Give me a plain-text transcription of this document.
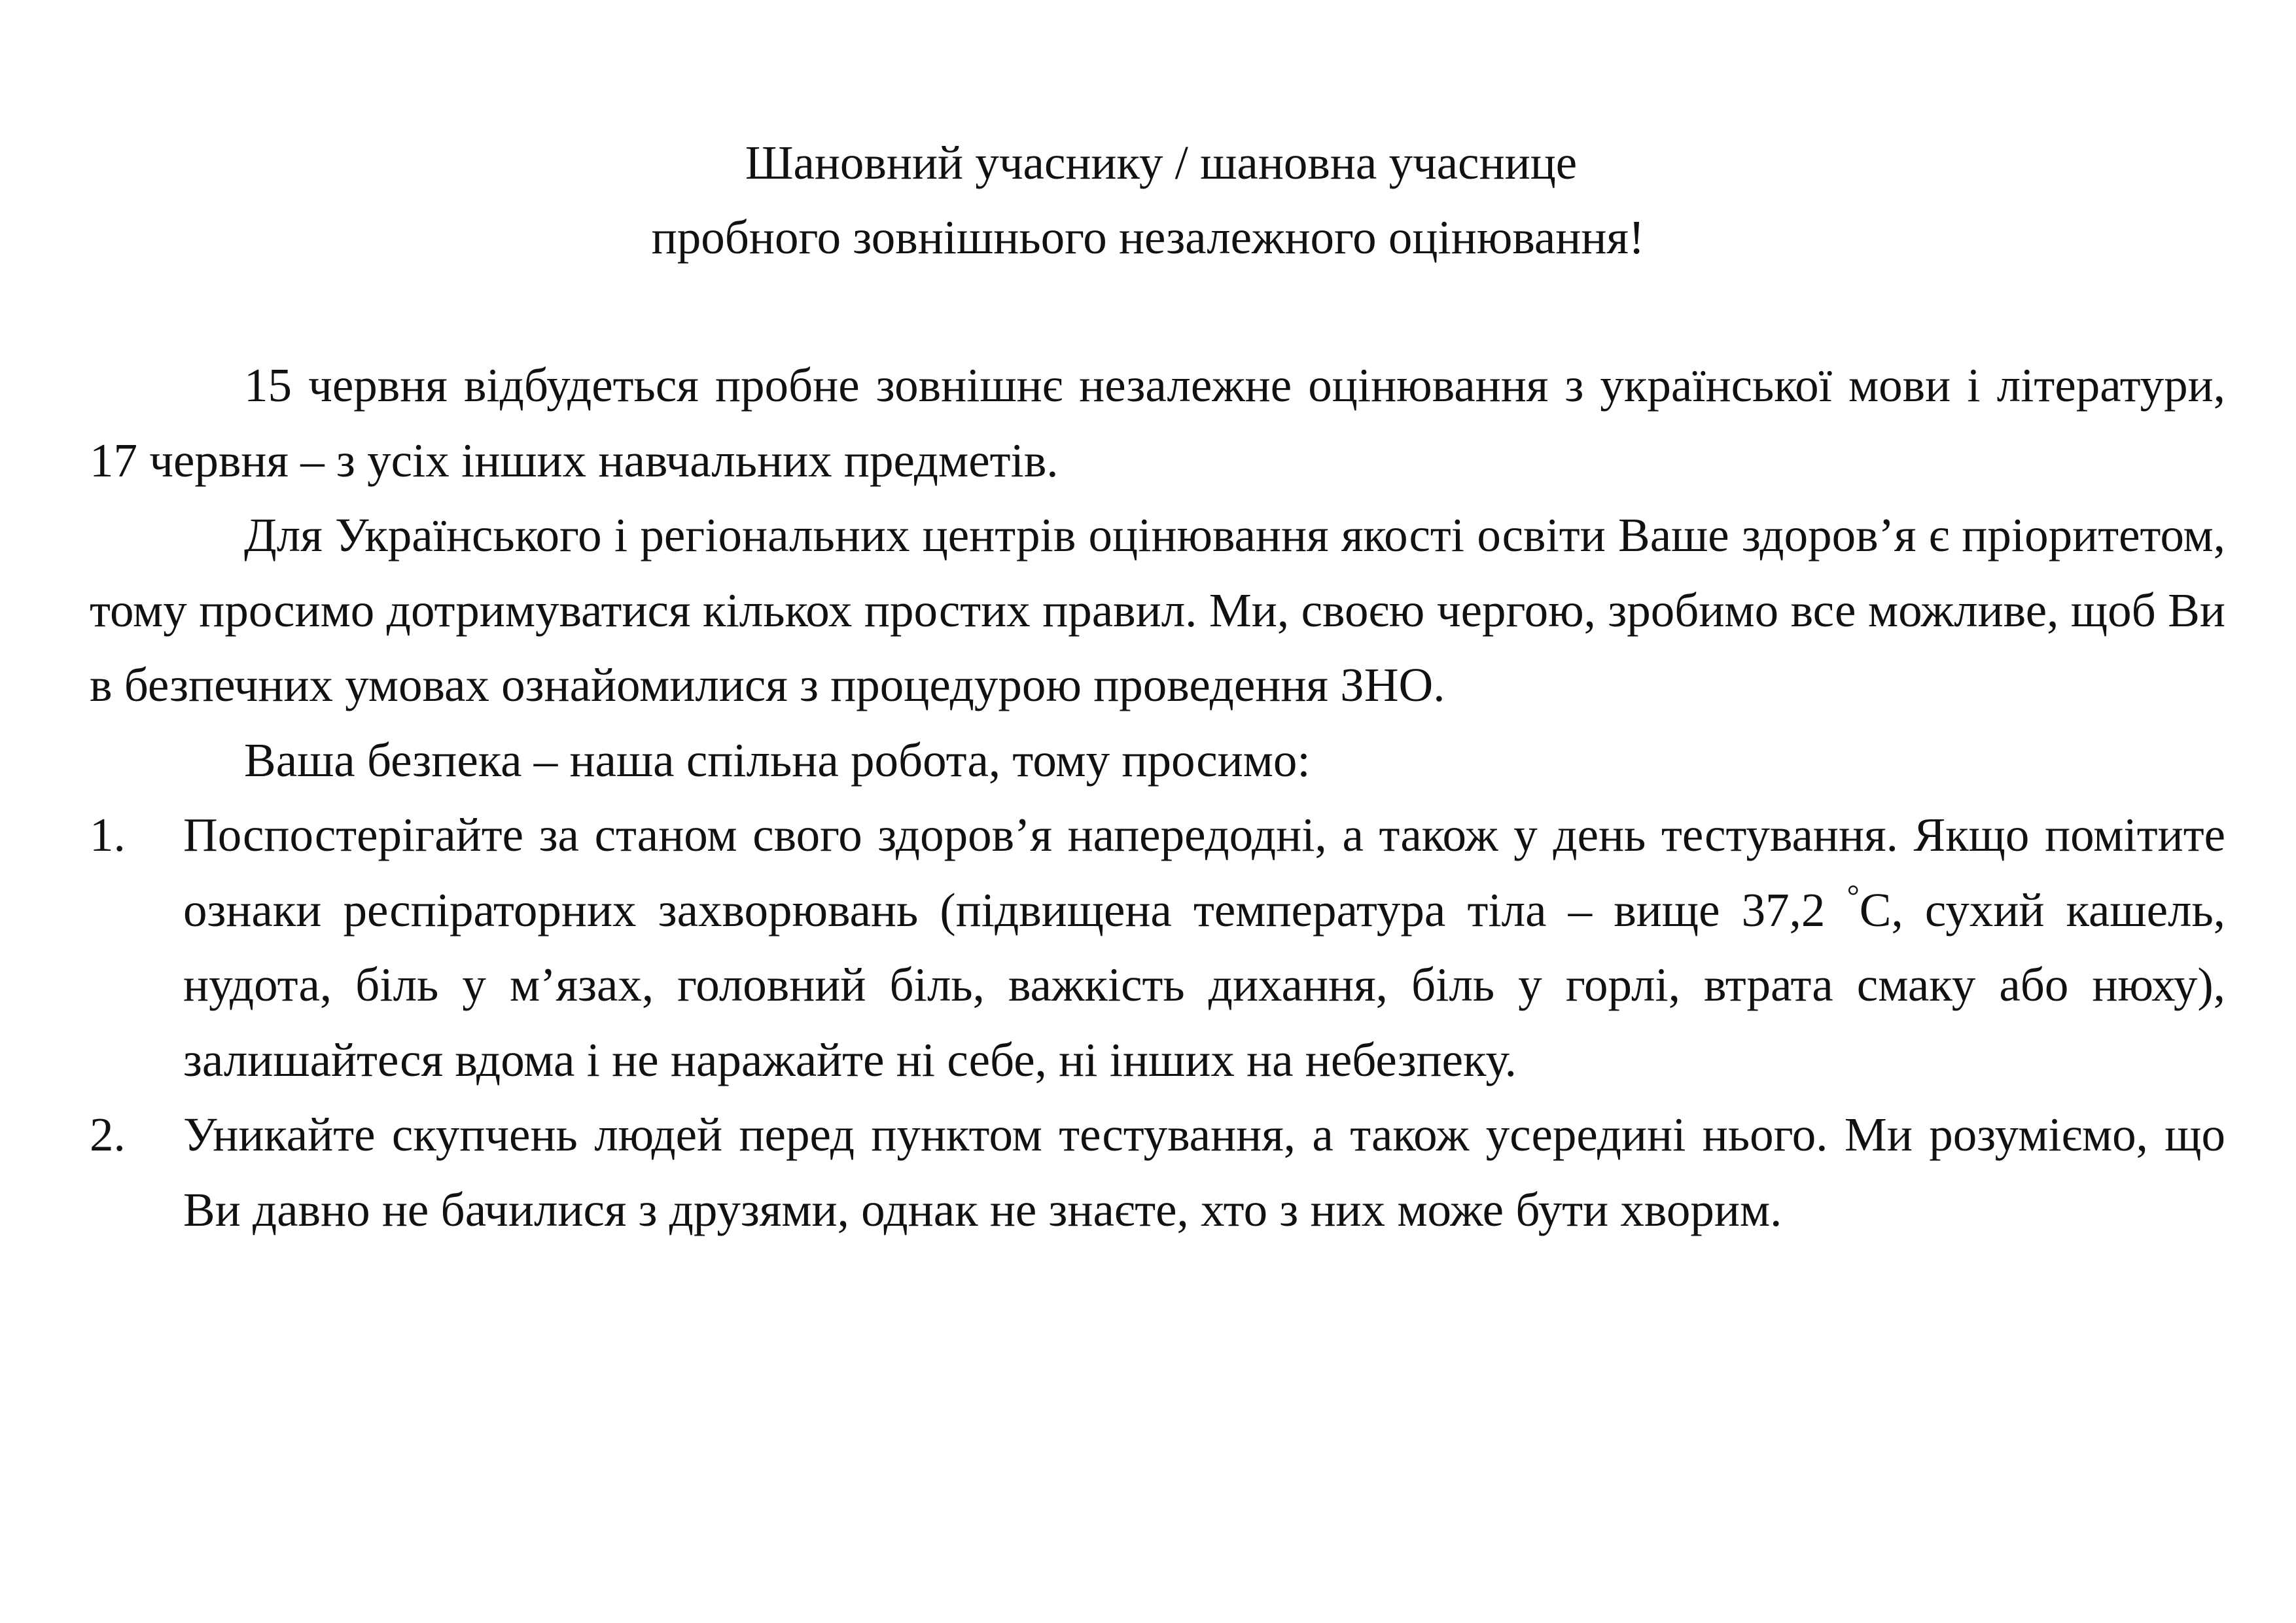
Шановний учаснику / шановна учаснице
пробного зовнішнього незалежного оцінювання!

15 червня відбудеться пробне зовнішнє незалежне оцінювання з української мови і літератури, 17 червня – з усіх інших навчальних предметів.

Для Українського і регіональних центрів оцінювання якості освіти Ваше здоров’я є пріоритетом, тому просимо дотримуватися кількох простих правил. Ми, своєю чергою, зробимо все можливе, щоб Ви в безпечних умовах ознайомилися з процедурою проведення ЗНО.

Ваша безпека – наша спільна робота, тому просимо:

1. Поспостерігайте за станом свого здоров’я напередодні, а також у день тестування. Якщо помітите ознаки респіраторних захворювань (підвищена температура тіла – вище 37,2 °С, сухий кашель, нудота, біль у м’язах, головний біль, важкість дихання, біль у горлі, втрата смаку або нюху), залишайтеся вдома і не наражайте ні себе, ні інших на небезпеку.
2. Уникайте скупчень людей перед пунктом тестування, а також усередині нього. Ми розуміємо, що Ви давно не бачилися з друзями, однак не знаєте, хто з них може бути хворим.
